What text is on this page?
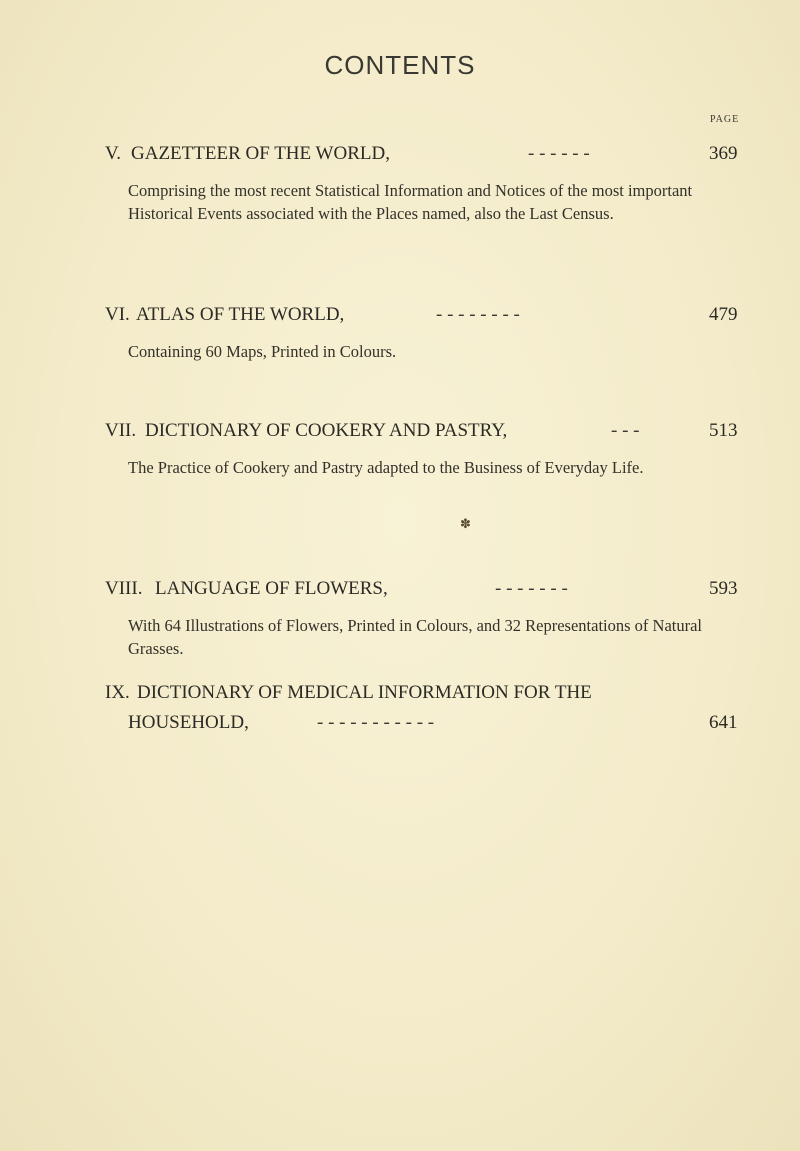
CONTENTS
PAGE
V. GAZETTEER OF THE WORLD,	- - - - - -	369
Comprising the most recent Statistical Information and Notices of the most important Historical Events associated with the Places named, also the Last Census.
VI. ATLAS OF THE WORLD,	- - - - - - - -	479
Containing 60 Maps, Printed in Colours.
VII. DICTIONARY OF COOKERY AND PASTRY,	- - -	513
The Practice of Cookery and Pastry adapted to the Business of Everyday Life.
✽
VIII. LANGUAGE OF FLOWERS,	- - - - - - -	593
With 64 Illustrations of Flowers, Printed in Colours, and 32 Representations of Natural Grasses.
IX. DICTIONARY OF MEDICAL INFORMATION FOR THE
HOUSEHOLD,	- - - - - - - - - - -	641
